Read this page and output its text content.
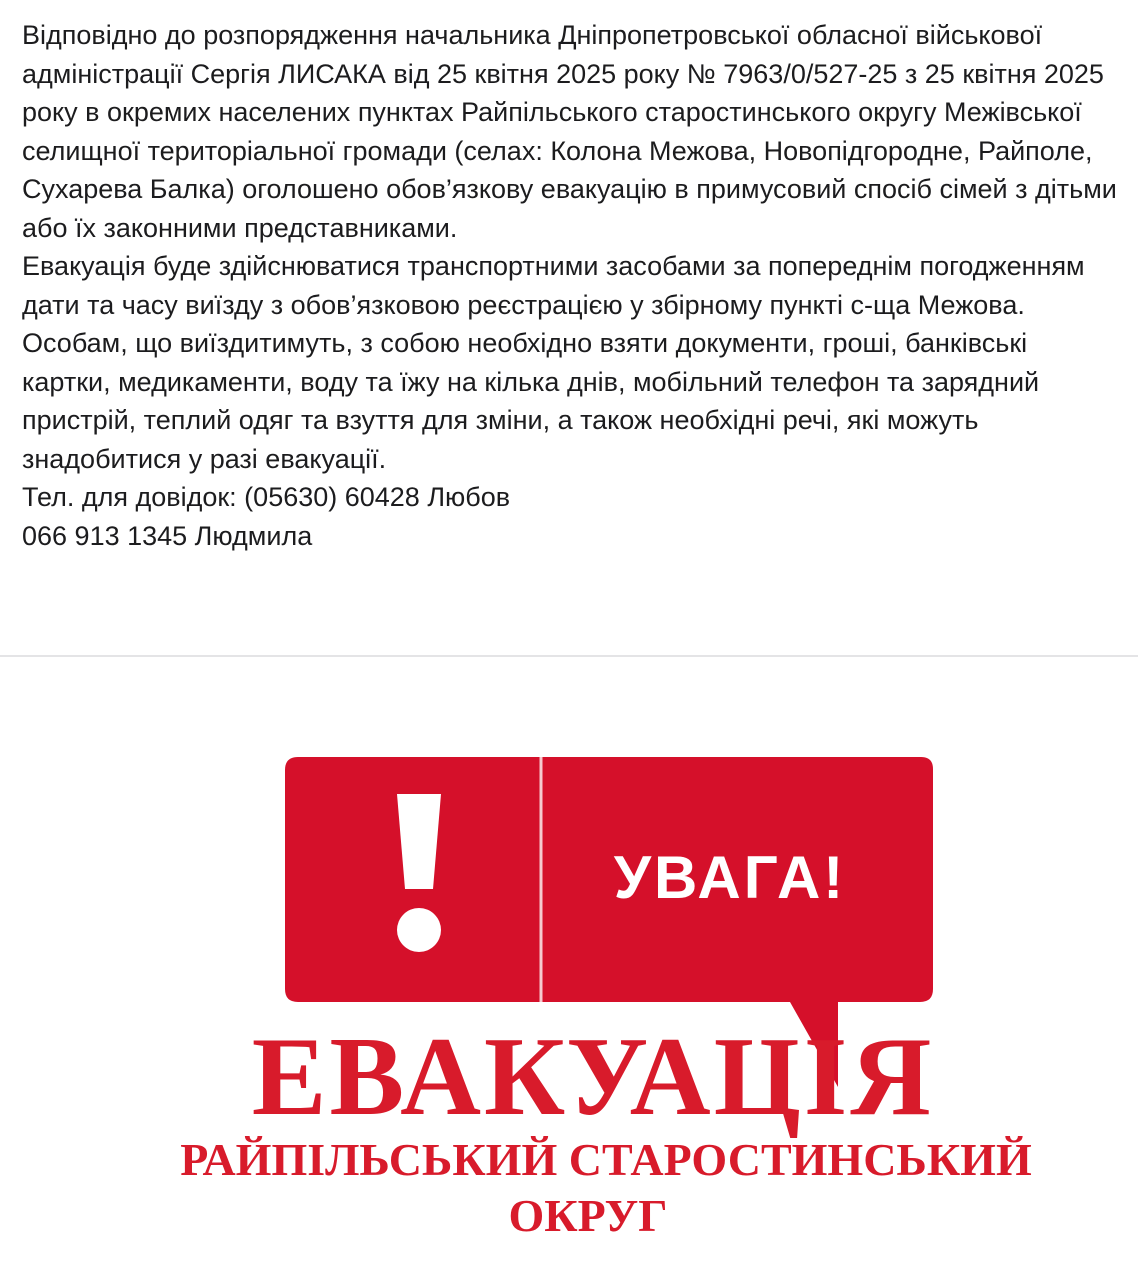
Відповідно до розпорядження начальника Дніпропетровської обласної військової адміністрації Сергія ЛИСАКА від 25 квітня 2025 року № 7963/0/527-25 з 25 квітня 2025 року в окремих населених пунктах Райпільського старостинського округу Межівської селищної територіальної громади (селах: Колона Межова, Новопідгородне, Райполе, Сухарева Балка) оголошено обов’язкову евакуацію в примусовий спосіб сімей з дітьми або їх законними представниками.

Евакуація буде здійснюватися транспортними засобами за попереднім погодженням дати та часу виїзду з обов’язковою реєстрацією у збірному пункті с-ща Межова.

Особам, що виїздитимуть, з собою необхідно взяти документи, гроші, банківські картки, медикаменти, воду та їжу на кілька днів, мобільний телефон та зарядний пристрій, теплий одяг та взуття для зміни, а також необхідні речі, які можуть знадобитися у разі евакуації.

Тел. для довідок: (05630) 60428 Любов

066 913 1345 Людмила

УВАГА!
ЕВАКУАЦІЯ
РАЙПІЛЬСЬКИЙ СТАРОСТИНСЬКИЙ
ОКРУГ
